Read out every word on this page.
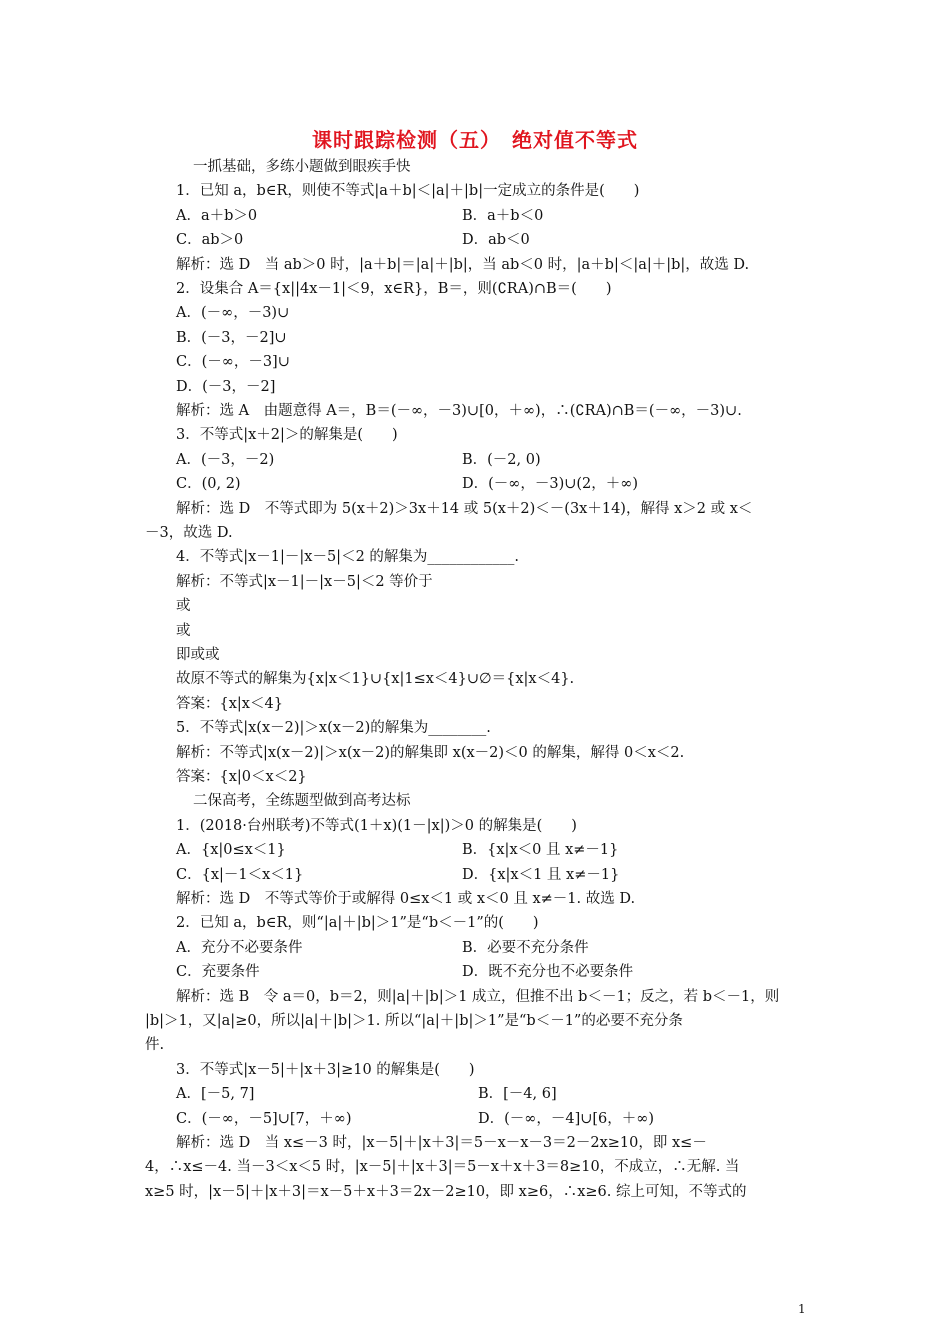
课时跟踪检测（五）　绝对值不等式
一抓基础，多练小题做到眼疾手快
1．已知 a，b∈R，则使不等式|a＋b|＜|a|＋|b|一定成立的条件是(　　)
A．a＋b＞0	B．a＋b＜0
C．ab＞0	D．ab＜0
解析：选 D　当 ab＞0 时，|a＋b|＝|a|＋|b|，当 ab＜0 时，|a＋b|＜|a|＋|b|，故选 D.
2．设集合 A＝{x||4x－1|＜9，x∈R}，B＝，则(∁RA)∩B＝(　　)
A．(－∞，－3)∪
B．(－3，－2]∪
C．(－∞，－3]∪
D．(－3，－2]
解析：选 A　由题意得 A＝，B＝(－∞，－3)∪[0，＋∞)，∴(∁RA)∩B＝(－∞，－3)∪.
3．不等式|x＋2|＞的解集是(　　)
A．(－3，－2)	B．(－2, 0)
C．(0, 2)	D．(－∞，－3)∪(2，＋∞)
解析：选 D　不等式即为 5(x＋2)＞3x＋14 或 5(x＋2)＜－(3x＋14)，解得 x＞2 或 x＜
－3，故选 D.
4．不等式|x－1|－|x－5|＜2 的解集为____________.
解析：不等式|x－1|－|x－5|＜2 等价于
或
或
即或或
故原不等式的解集为{x|x＜1}∪{x|1≤x＜4}∪∅＝{x|x＜4}.
答案：{x|x＜4}
5．不等式|x(x－2)|＞x(x－2)的解集为________.
解析：不等式|x(x－2)|＞x(x－2)的解集即 x(x－2)＜0 的解集，解得 0＜x＜2.
答案：{x|0＜x＜2}
二保高考，全练题型做到高考达标
1．(2018·台州联考)不等式(1＋x)(1－|x|)＞0 的解集是(　　)
A．{x|0≤x＜1}	B．{x|x＜0 且 x≠－1}
C．{x|－1＜x＜1}	D．{x|x＜1 且 x≠－1}
解析：选 D　不等式等价于或解得 0≤x＜1 或 x＜0 且 x≠－1. 故选 D.
2．已知 a，b∈R，则“|a|＋|b|＞1”是“b＜－1”的(　　)
A．充分不必要条件	B．必要不充分条件
C．充要条件	D．既不充分也不必要条件
解析：选 B　令 a＝0，b＝2，则|a|＋|b|＞1 成立，但推不出 b＜－1；反之，若 b＜－1，则
|b|＞1，又|a|≥0，所以|a|＋|b|＞1. 所以“|a|＋|b|＞1”是“b＜－1”的必要不充分条
件.
3．不等式|x－5|＋|x＋3|≥10 的解集是(　　)
A．[－5, 7]	B．[－4, 6]
C．(－∞，－5]∪[7，＋∞)	D．(－∞，－4]∪[6，＋∞)
解析：选 D　当 x≤－3 时，|x－5|＋|x＋3|＝5－x－x－3＝2－2x≥10，即 x≤－
4，∴x≤－4. 当－3＜x＜5 时，|x－5|＋|x＋3|＝5－x＋x＋3＝8≥10，不成立，∴无解. 当
x≥5 时，|x－5|＋|x＋3|＝x－5＋x＋3＝2x－2≥10，即 x≥6，∴x≥6. 综上可知，不等式的
1
